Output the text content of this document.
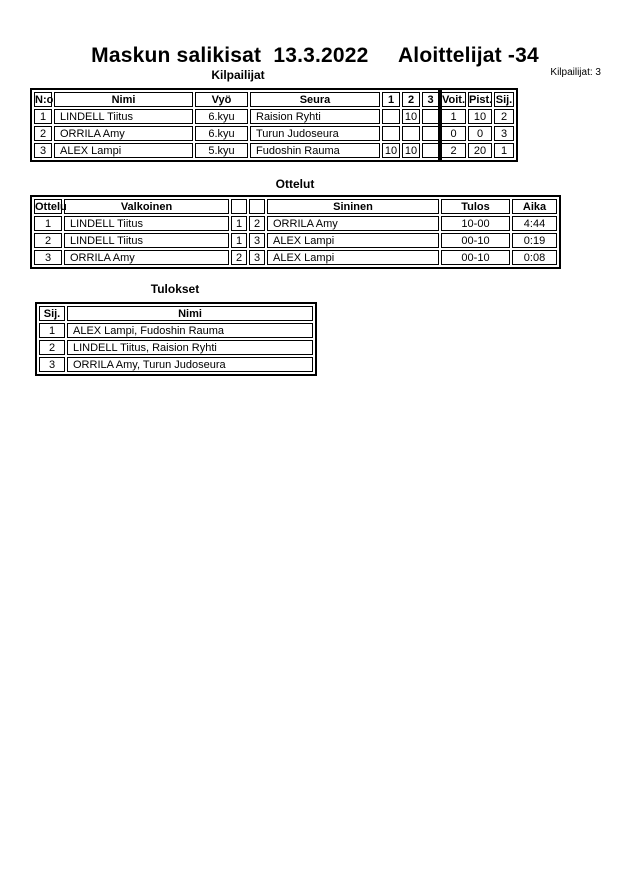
Maskun salikisat  13.3.2022     Aloittelijat -34
Kilpailijat	Kilpailijat: 3
N:o	Nimi	Vyö	Seura	1	2	3	Voit.	Pist.	Sij.
1	LINDELL Tiitus	6.kyu	Raision Ryhti		10		1	10	2
2	ORRILA Amy	6.kyu	Turun Judoseura				0	0	3
3	ALEX Lampi	5.kyu	Fudoshin Rauma	10	10		2	20	1
Ottelut
Ottelu	Valkoinen			Sininen	Tulos	Aika
1	LINDELL Tiitus	1	2	ORRILA Amy	10-00	4:44
2	LINDELL Tiitus	1	3	ALEX Lampi	00-10	0:19
3	ORRILA Amy	2	3	ALEX Lampi	00-10	0:08
Tulokset
Sij.	Nimi
1	ALEX Lampi, Fudoshin Rauma
2	LINDELL Tiitus, Raision Ryhti
3	ORRILA Amy, Turun Judoseura
